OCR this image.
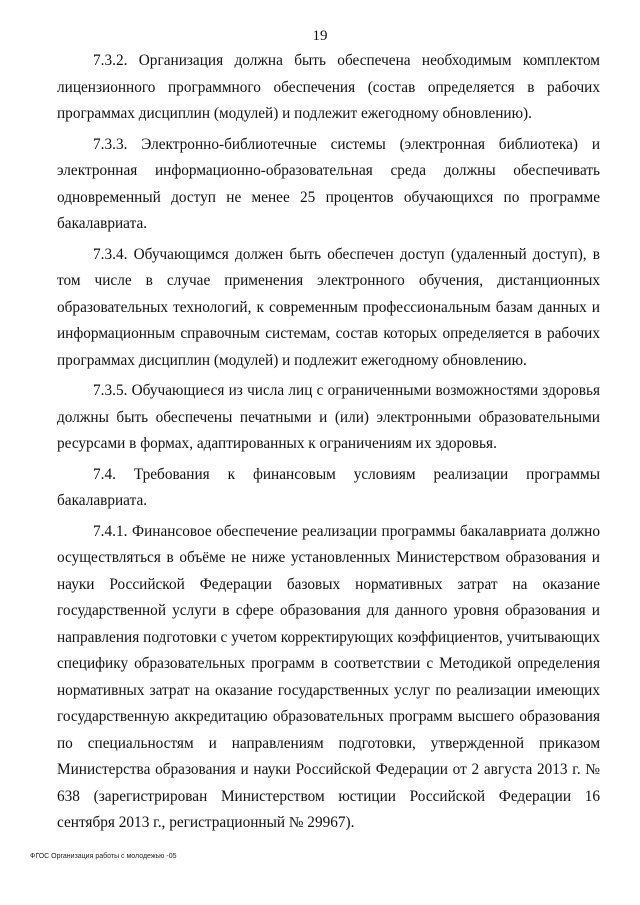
19

7.3.2. Организация должна быть обеспечена необходимым комплектом лицензионного программного обеспечения (состав определяется в рабочих программах дисциплин (модулей) и подлежит ежегодному обновлению).

7.3.3. Электронно-библиотечные системы (электронная библиотека) и электронная информационно-образовательная среда должны обеспечивать одновременный доступ не менее 25 процентов обучающихся по программе бакалавриата.

7.3.4. Обучающимся должен быть обеспечен доступ (удаленный доступ), в том числе в случае применения электронного обучения, дистанционных образовательных технологий, к современным профессиональным базам данных и информационным справочным системам, состав которых определяется в рабочих программах дисциплин (модулей) и подлежит ежегодному обновлению.

7.3.5. Обучающиеся из числа лиц с ограниченными возможностями здоровья должны быть обеспечены печатными и (или) электронными образовательными ресурсами в формах, адаптированных к ограничениям их здоровья.

7.4. Требования к финансовым условиям реализации программы бакалавриата.

7.4.1. Финансовое обеспечение реализации программы бакалавриата должно осуществляться в объёме не ниже установленных Министерством образования и науки Российской Федерации базовых нормативных затрат на оказание государственной услуги в сфере образования для данного уровня образования и направления подготовки с учетом корректирующих коэффициентов, учитывающих специфику образовательных программ в соответствии с Методикой определения нормативных затрат на оказание государственных услуг по реализации имеющих государственную аккредитацию образовательных программ высшего образования по специальностям и направлениям подготовки, утвержденной приказом Министерства образования и науки Российской Федерации от 2 августа 2013 г. № 638 (зарегистрирован Министерством юстиции Российской Федерации 16 сентября 2013 г., регистрационный № 29967).

ФГОС Организация работы с молодежью -05
